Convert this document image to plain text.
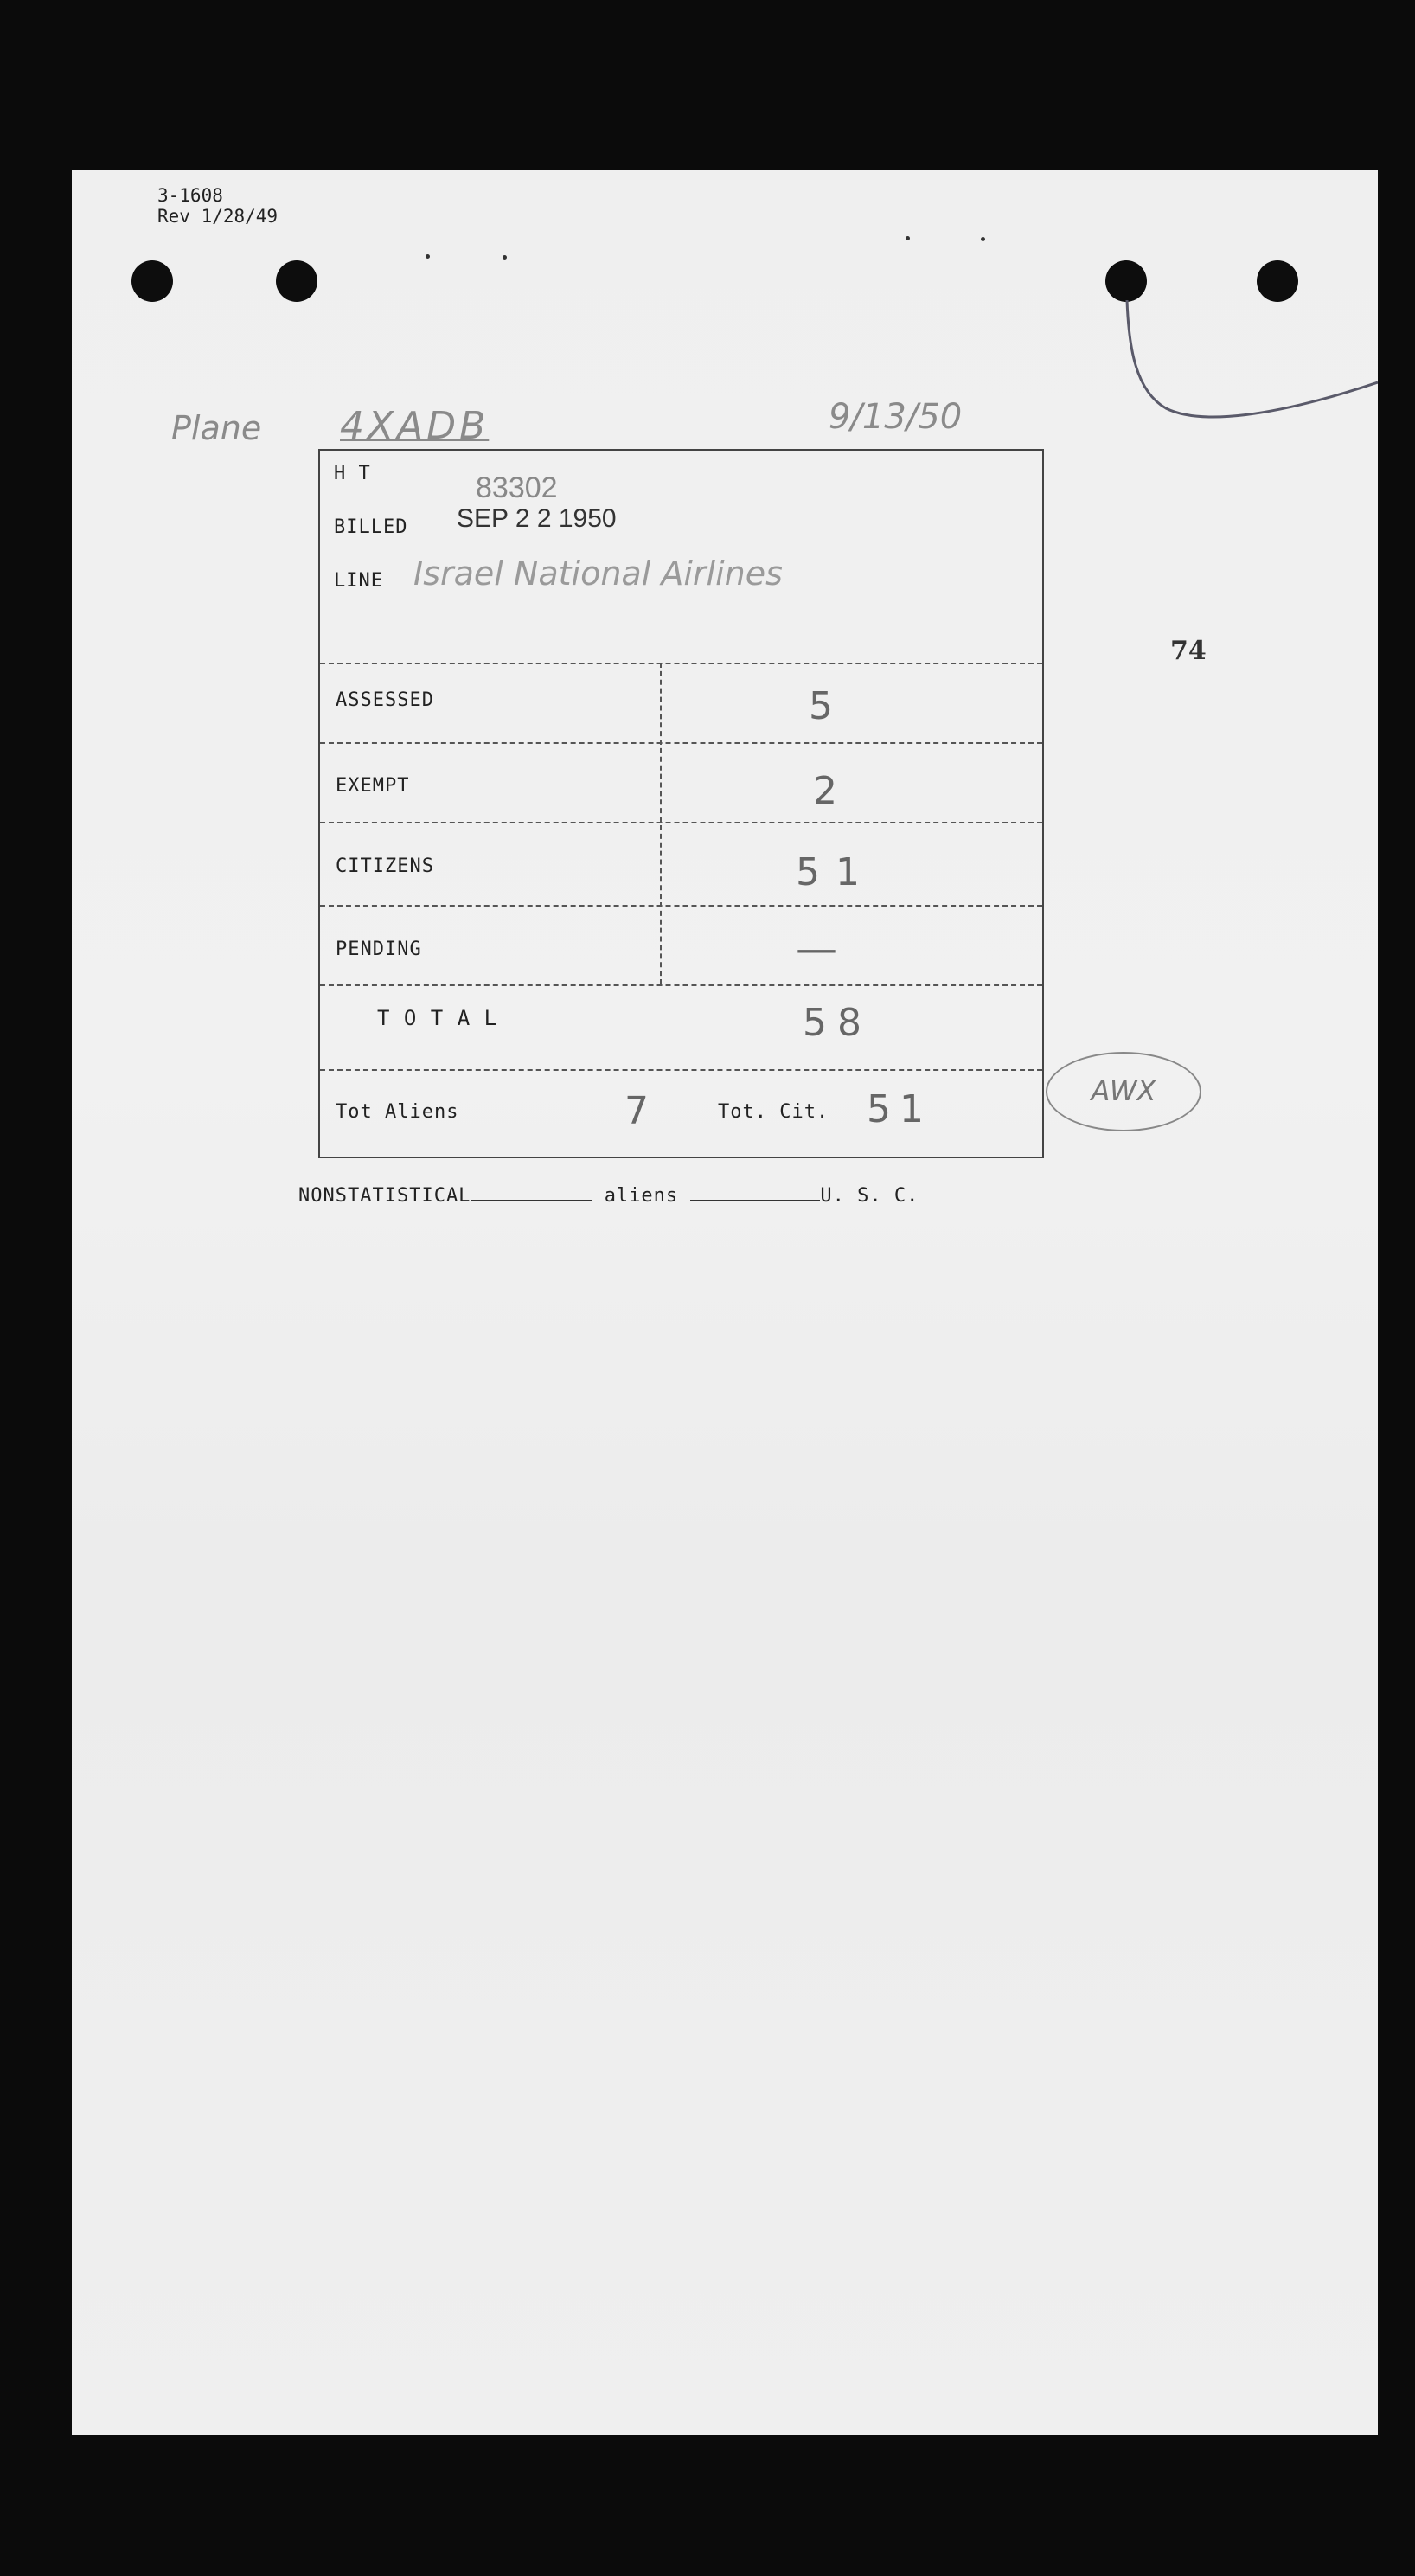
3-1608
Rev 1/28/49
Plane 4XADB	9/13/50
74
H T	83302
BILLED SEP 2 2 1950
LINE Israel National Airlines
ASSESSED	5
EXEMPT	2
CITIZENS	51
PENDING	—
T O T A L	58
Tot Aliens	7	Tot. Cit. 51	AWX
NONSTATISTICAL	aliens	U. S. C.
